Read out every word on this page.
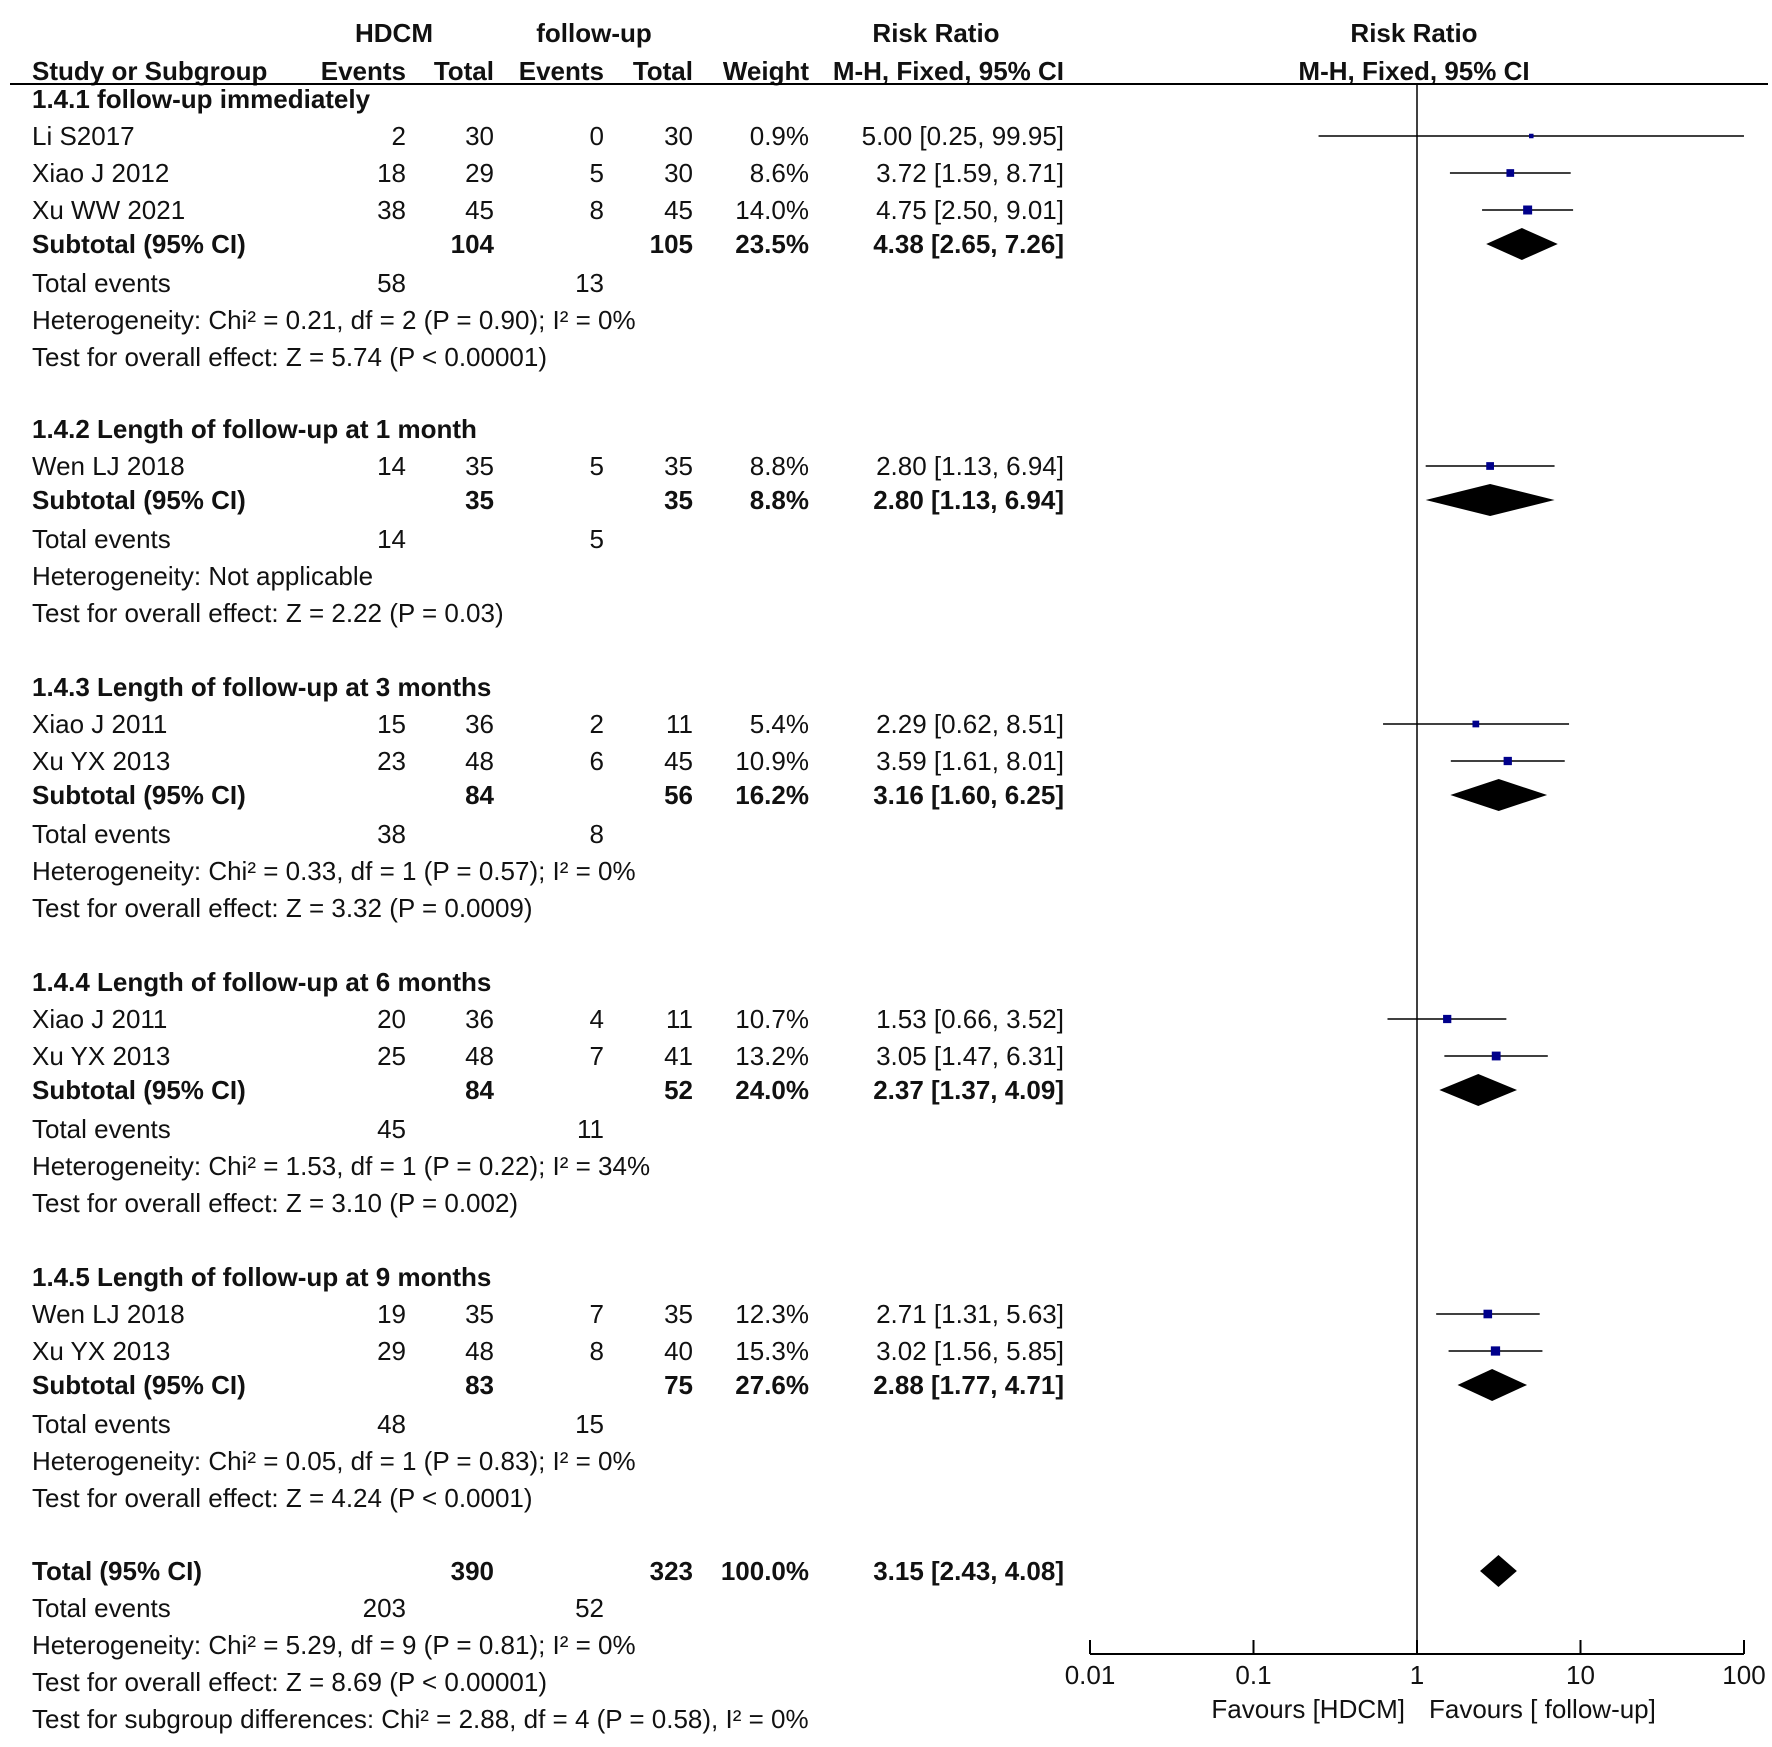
HDCM	follow-up	Risk Ratio	Risk Ratio
Study or Subgroup Events Total Events Total Weight M-H, Fixed, 95% CI	M-H, Fixed, 95% CI
1.4.1 follow-up immediately
Li S2017	2 30	0 30 0.9% 5.00 [0.25, 99.95]
Xiao J 2012	18 29	5 30 8.6%	3.72 [1.59, 8.71]
Xu WW 2021	38 45	8 45 14.0%	4.75 [2.50, 9.01]
Subtotal (95% CI)	104	105 23.5% 4.38 [2.65, 7.26]
Total events	58	13
Heterogeneity: Chi² = 0.21, df = 2 (P = 0.90); I² = 0%
Test for overall effect: Z = 5.74 (P < 0.00001)
1.4.2 Length of follow-up at 1 month
Wen LJ 2018	14 35	5 35 8.8%	2.80 [1.13, 6.94]
Subtotal (95% CI)	35	35 8.8% 2.80 [1.13, 6.94]
Total events	14	5
Heterogeneity: Not applicable
Test for overall effect: Z = 2.22 (P = 0.03)
1.4.3 Length of follow-up at 3 months
Xiao J 2011	15 36	2 11 5.4%	2.29 [0.62, 8.51]
Xu YX 2013	23 48	6 45 10.9%	3.59 [1.61, 8.01]
Subtotal (95% CI)	84	56 16.2% 3.16 [1.60, 6.25]
Total events	38	8
Heterogeneity: Chi² = 0.33, df = 1 (P = 0.57); I² = 0%
Test for overall effect: Z = 3.32 (P = 0.0009)
1.4.4 Length of follow-up at 6 months
Xiao J 2011	20 36	4 11 10.7%	1.53 [0.66, 3.52]
Xu YX 2013	25 48	7 41 13.2%	3.05 [1.47, 6.31]
Subtotal (95% CI)	84	52 24.0% 2.37 [1.37, 4.09]
Total events	45	11
Heterogeneity: Chi² = 1.53, df = 1 (P = 0.22); I² = 34%
Test for overall effect: Z = 3.10 (P = 0.002)
1.4.5 Length of follow-up at 9 months
Wen LJ 2018	19 35	7 35 12.3%	2.71 [1.31, 5.63]
Xu YX 2013	29 48	8 40 15.3%	3.02 [1.56, 5.85]
Subtotal (95% CI)	83	75 27.6% 2.88 [1.77, 4.71]
Total events	48	15
Heterogeneity: Chi² = 0.05, df = 1 (P = 0.83); I² = 0%
Test for overall effect: Z = 4.24 (P < 0.0001)
Total (95% CI)	390	323 100.0% 3.15 [2.43, 4.08]
Total events	203	52
Heterogeneity: Chi² = 5.29, df = 9 (P = 0.81); I² = 0%
Test for overall effect: Z = 8.69 (P < 0.00001)
Test for subgroup differences: Chi² = 2.88, df = 4 (P = 0.58), I² = 0%
0.01	0.1	1	10	100
Favours [HDCM] Favours [ follow-up]
